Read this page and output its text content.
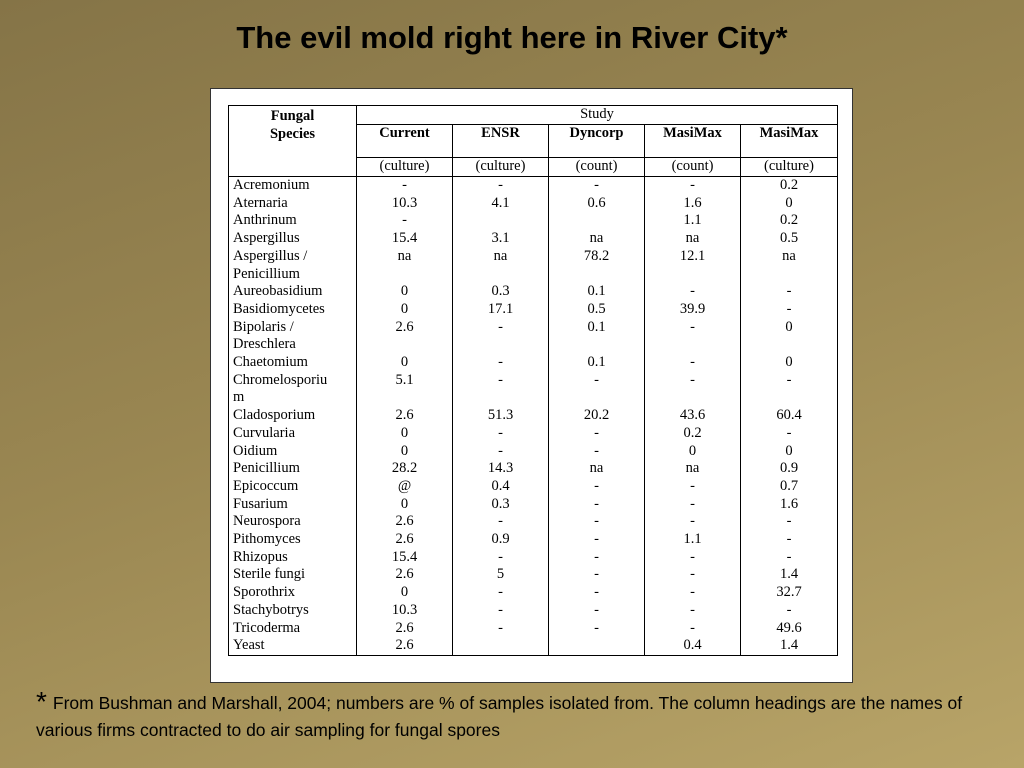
The evil mold right here in River City*
Fungal
Species	Study				
	Current	ENSR	Dyncorp	MasiMax	MasiMax
	(culture)	(culture)	(count)	(count)	(culture)

Acremonium	-	-	-	-	0.2

Aternaria	10.3	4.1	0.6	1.6	0

Anthrinum	-			1.1	0.2

Aspergillus	15.4	3.1	na	na	0.5

Aspergillus /
Penicillium	na	na	78.2	12.1	na

Aureobasidium	0	0.3	0.1	-	-

Basidiomycetes	0	17.1	0.5	39.9	-

Bipolaris /
Dreschlera	2.6	-	0.1	-	0

Chaetomium	0	-	0.1	-	0

Chromelosporiu
m	5.1	-	-	-	-

Cladosporium	2.6	51.3	20.2	43.6	60.4

Curvularia	0	-	-	0.2	-

Oidium	0	-	-	0	0

Penicillium	28.2	14.3	na	na	0.9

Epicoccum	@	0.4	-	-	0.7

Fusarium	0	0.3	-	-	1.6

Neurospora	2.6	-	-	-	-

Pithomyces	2.6	0.9	-	1.1	-

Rhizopus	15.4	-	-	-	-

Sterile fungi	2.6	5	-	-	1.4

Sporothrix	0	-	-	-	32.7

Stachybotrys	10.3	-	-	-	-

Tricoderma	2.6	-	-	-	49.6

Yeast	2.6			0.4	1.4
* From Bushman and Marshall, 2004; numbers are % of samples isolated from. The column headings are the names of various firms contracted to do air sampling for fungal spores
